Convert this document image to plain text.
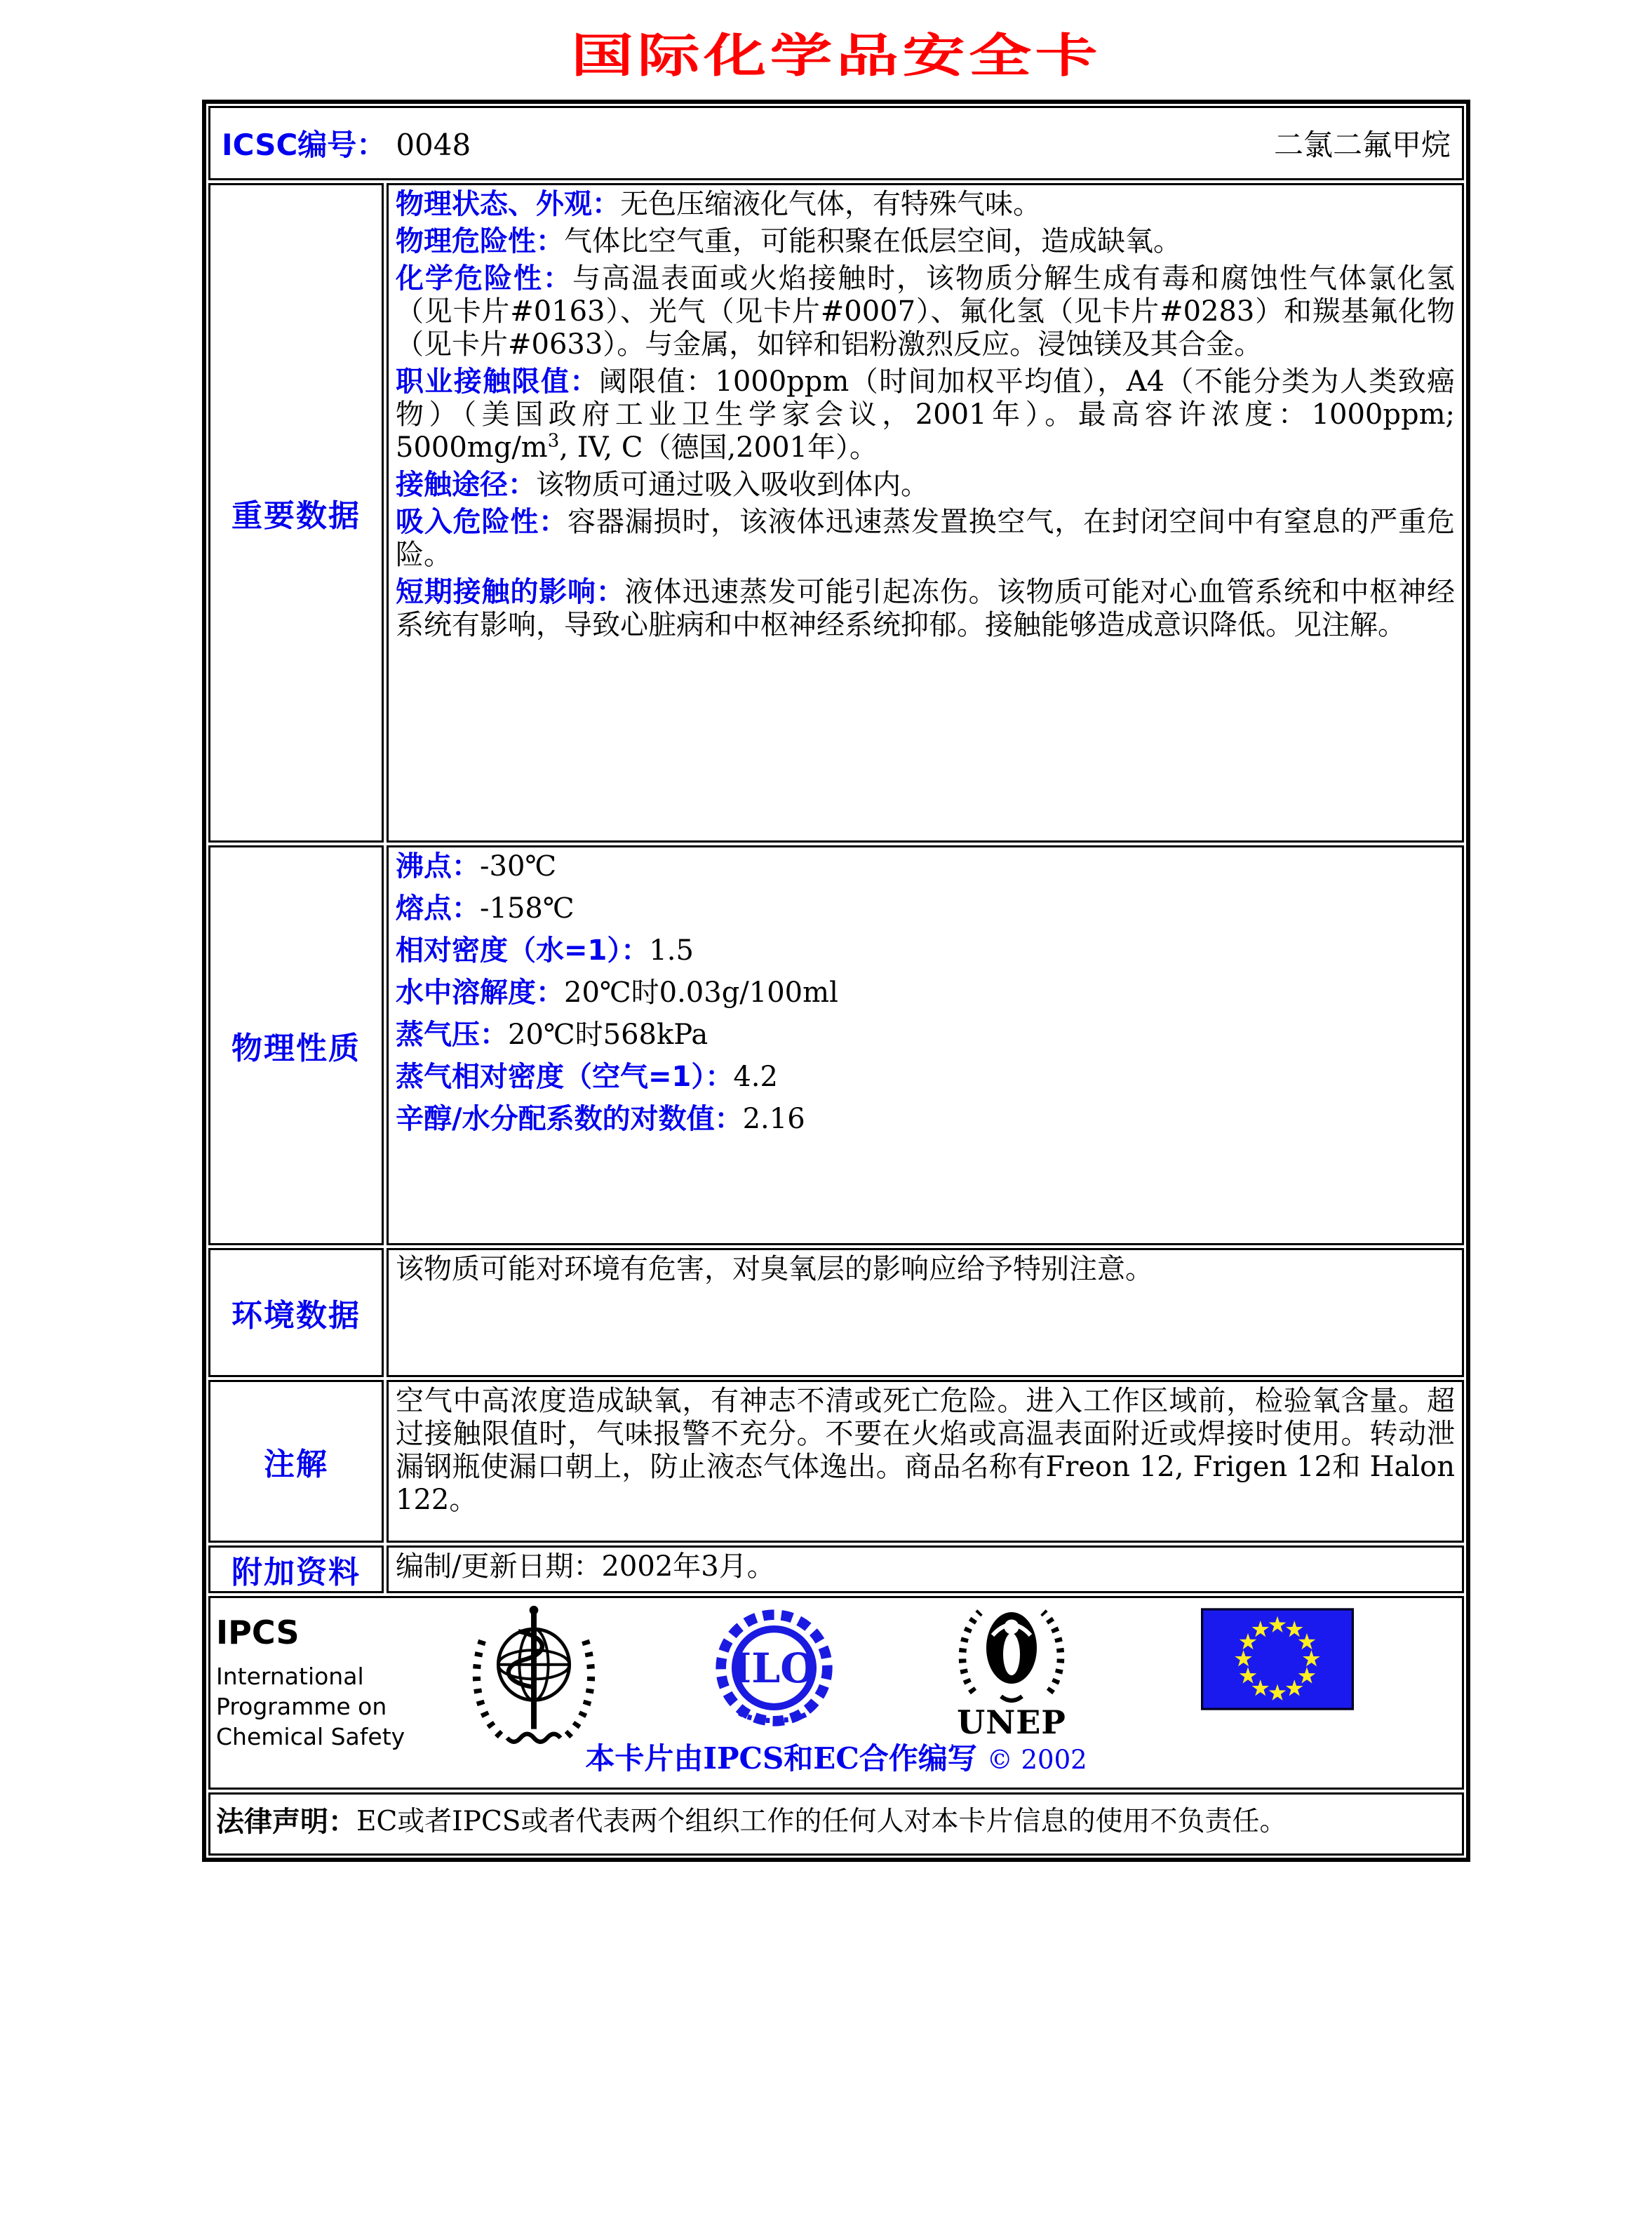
国际化学品安全卡
ICSC编号： 0048	二氯二氟甲烷
重要数据

物理状态、外观：无色压缩液化气体，有特殊气味。

物理危险性：气体比空气重，可能积聚在低层空间，造成缺氧。

化学危险性：与高温表面或火焰接触时，该物质分解生成有毒和腐蚀性气体氯化氢（见卡片#0163）、光气（见卡片#0007）、氟化氢（见卡片#0283）和羰基氟化物（见卡片#0633）。与金属，如锌和铝粉激烈反应。浸蚀镁及其合金。

职业接触限值：阈限值：1000ppm（时间加权平均值），A4（不能分类为人类致癌物）（美国政府工业卫生学家会议，2001年）。最高容许浓度：1000ppm; $5000mg/m^3$, IV, C（德国,2001年）。

接触途径：该物质可通过吸入吸收到体内。

吸入危险性：容器漏损时，该液体迅速蒸发置换空气，在封闭空间中有窒息的严重危险。

短期接触的影响：液体迅速蒸发可能引起冻伤。该物质可能对心血管系统和中枢神经系统有影响，导致心脏病和中枢神经系统抑郁。接触能够造成意识降低。见注解。

物理性质

沸点：-30℃

熔点：-158℃

相对密度（水=1）：1.5

水中溶解度：20℃时0.03g/100ml

蒸气压：20℃时568kPa

蒸气相对密度（空气=1）：4.2

辛醇/水分配系数的对数值：2.16

环境数据

该物质可能对环境有危害，对臭氧层的影响应给予特别注意。

注解

空气中高浓度造成缺氧，有神志不清或死亡危险。进入工作区域前，检验氧含量。超过接触限值时，气味报警不充分。不要在火焰或高温表面附近或焊接时使用。转动泄漏钢瓶使漏口朝上，防止液态气体逸出。商品名称有Freon 12, Frigen 12和 Halon 122。

附加资料	编制/更新日期：2002年3月。

IPCS
International
Programme on
Chemical Safety
ILO
UNEP
本卡片由IPCS和EC合作编写 © 2002
法律声明： EC或者IPCS或者代表两个组织工作的任何人对本卡片信息的使用不负责任。
